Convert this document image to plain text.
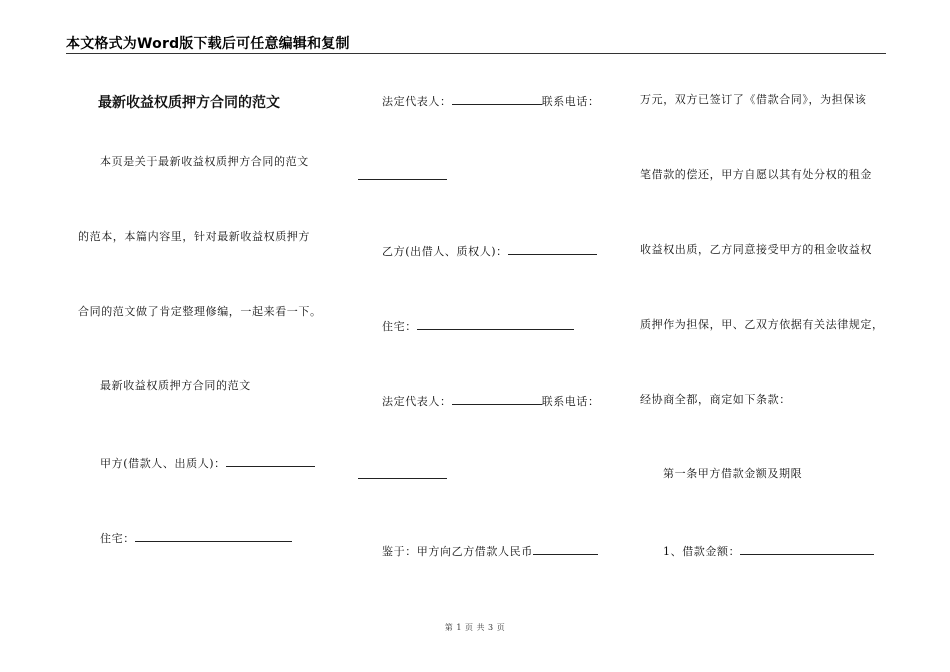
本文格式为Word版下载后可任意编辑和复制
最新收益权质押方合同的范文
本页是关于最新收益权质押方合同的范文
的范本，本篇内容里，针对最新收益权质押方
合同的范文做了肯定整理修编，一起来看一下。
最新收益权质押方合同的范文
甲方(借款人、出质人)：
住宅：
法定代表人：	联系电话：
乙方(出借人、质权人)：
住宅：
法定代表人：	联系电话：
鉴于：甲方向乙方借款人民币
万元，双方已签订了《借款合同》，为担保该
笔借款的偿还，甲方自愿以其有处分权的租金
收益权出质，乙方同意接受甲方的租金收益权
质押作为担保，甲、乙双方依据有关法律规定，
经协商全都，商定如下条款：
第一条甲方借款金额及期限
1、借款金额：
第 1 页 共 3 页
